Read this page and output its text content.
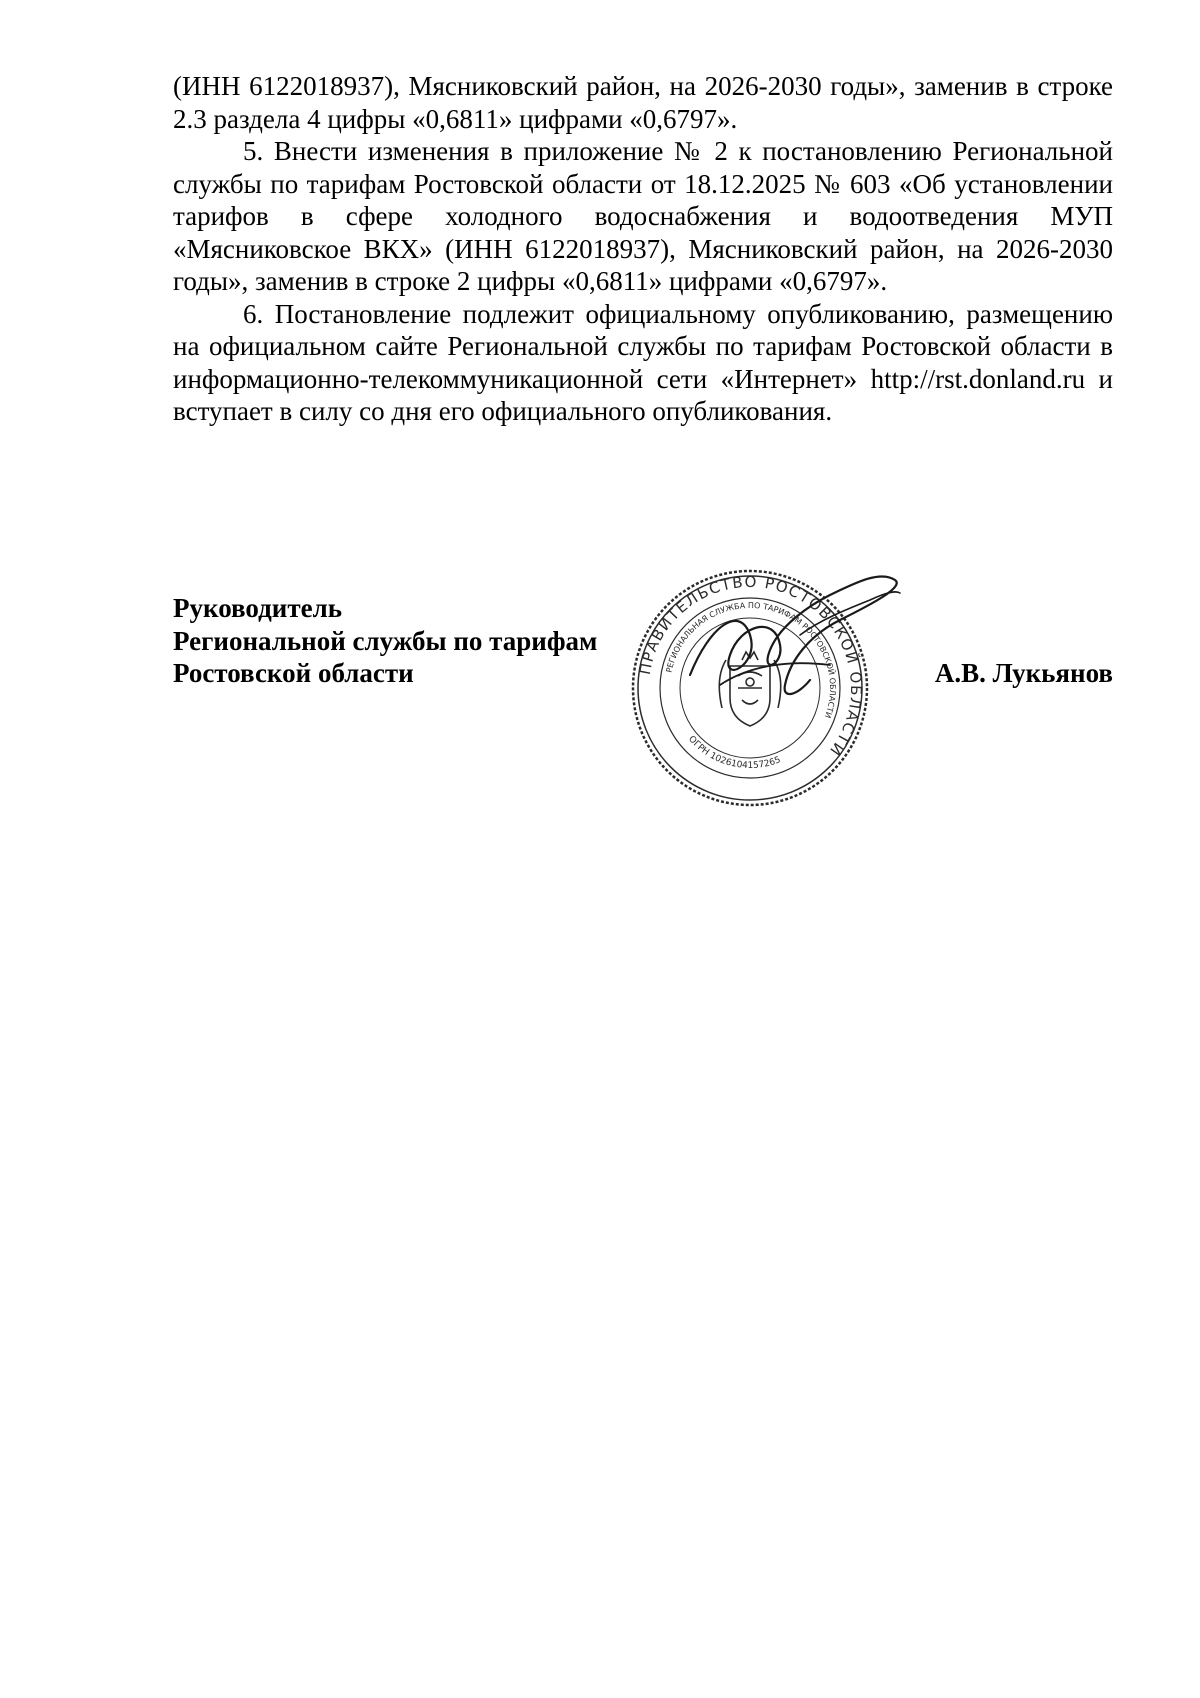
(ИНН 6122018937), Мясниковский район, на 2026-2030 годы», заменив в строке 2.3 раздела 4 цифры «0,6811» цифрами «0,6797».

5. Внести изменения в приложение № 2 к постановлению Региональной службы по тарифам Ростовской области от 18.12.2025 № 603 «Об установлении тарифов в сфере холодного водоснабжения и водоотведения МУП «Мясниковское ВКХ» (ИНН 6122018937), Мясниковский район, на 2026-2030 годы», заменив в строке 2 цифры «0,6811» цифрами «0,6797».

6. Постановление подлежит официальному опубликованию, размещению на официальном сайте Региональной службы по тарифам Ростовской области в информационно-телекоммуникационной сети «Интернет» http://rst.donland.ru и вступает в силу со дня его официального опубликования.

Руководитель
Региональной службы по тарифам
Ростовской области	А.В. Лукьянов
ПРАВИТЕЛЬСТВО РОСТОВСКОЙ ОБЛАСТИ
РЕГИОНАЛЬНАЯ СЛУЖБА ПО ТАРИФАМ РОСТОВСКОЙ ОБЛАСТИ
ОГРН 1026104157265
